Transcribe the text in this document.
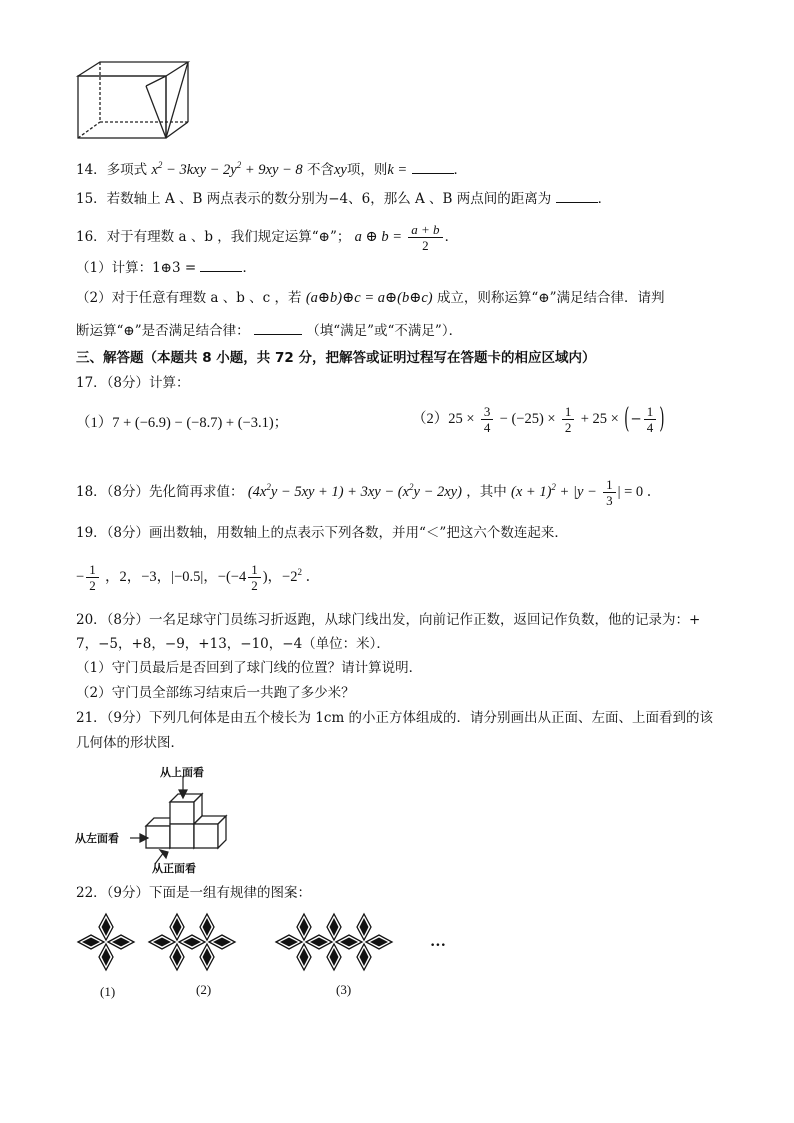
14．多项式 $x^2 - 3kxy - 2y^2 + 9xy - 8$ 不含xy项，则k =	．
15．若数轴上 A 、B 两点表示的数分别为−4、6，那么 A 、B 两点间的距离为	．
16．对于有理数 a 、b ，我们规定运算“⊕”； a ⊕ $b = \frac{a + b}{2}$ ．
（1）计算：1⊕3 =	．
（2）对于任意有理数 a 、b 、c ，若 (a⊕b)⊕c = a⊕(b⊕c) 成立，则称运算“⊕”满足结合律．请判
断运算“⊕”是否满足结合律：	（填“满足”或“不满足”）．
三、解答题（本题共 8 小题，共 72 分，把解答或证明过程写在答题卡的相应区域内）
17．（8分）计算：
（1）7 + (−6.9) − (−8.7) + (−3.1)；	$(2)25 \times \frac{3}{4} - (-25) \times \frac{1}{2} + 25$ × (− $\frac{1}{4}$ )
18．（8分）先化简再求值： $(4x^2y - 5xy + 1) + 3xy - (x^2y - 2xy)$ ，其中 $(x + 1)^2 + |y - \frac{1}{3}$ | = 0 ．
19．（8分）画出数轴，用数轴上的点表示下列各数，并用“＜”把这六个数连起来．
− $\frac{1}{2}$ ，2，−3，|−0.5|，$-(-4 \frac{1}{2}$ )，$-2^2$ ．
20．（8分）一名足球守门员练习折返跑，从球门线出发，向前记作正数，返回记作负数，他的记录为：+
7，−5，+8，−9，+13，−10，−4（单位：米）．
（1）守门员最后是否回到了球门线的位置？请计算说明．
（2）守门员全部练习结束后一共跑了多少米？
21．（9分）下列几何体是由五个棱长为 1cm 的小正方体组成的．请分别画出从正面、左面、上面看到的该
几何体的形状图．
从上面看
从左面看
从正面看
22．（9分）下面是一组有规律的图案：
(1)	(2)	(3)
•••
